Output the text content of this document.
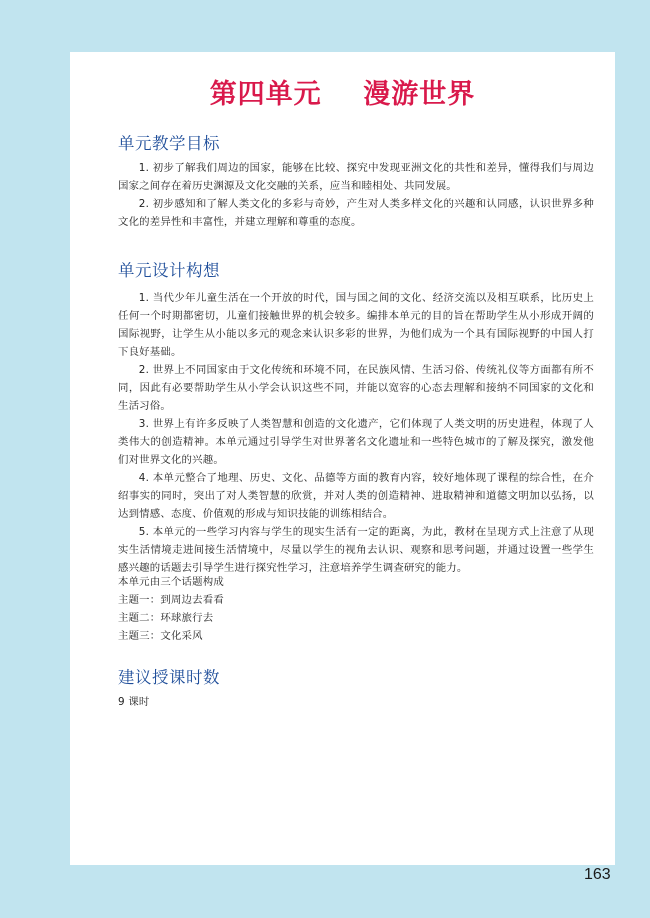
第四单元    漫游世界
单元教学目标
1. 初步了解我们周边的国家，能够在比较、探究中发现亚洲文化的共性和差异，懂得我们与周边国家之间存在着历史渊源及文化交融的关系，应当和睦相处、共同发展。
2. 初步感知和了解人类文化的多彩与奇妙，产生对人类多样文化的兴趣和认同感，认识世界多种文化的差异性和丰富性，并建立理解和尊重的态度。
单元设计构想
1. 当代少年儿童生活在一个开放的时代，国与国之间的文化、经济交流以及相互联系，比历史上任何一个时期都密切，儿童们接触世界的机会较多。编排本单元的目的旨在帮助学生从小形成开阔的国际视野，让学生从小能以多元的观念来认识多彩的世界，为他们成为一个具有国际视野的中国人打下良好基础。
2. 世界上不同国家由于文化传统和环境不同，在民族风情、生活习俗、传统礼仪等方面都有所不同，因此有必要帮助学生从小学会认识这些不同，并能以宽容的心态去理解和接纳不同国家的文化和生活习俗。
3. 世界上有许多反映了人类智慧和创造的文化遗产，它们体现了人类文明的历史进程，体现了人类伟大的创造精神。本单元通过引导学生对世界著名文化遗址和一些特色城市的了解及探究，激发他们对世界文化的兴趣。
4. 本单元整合了地理、历史、文化、品德等方面的教育内容，较好地体现了课程的综合性，在介绍事实的同时，突出了对人类智慧的欣赏，并对人类的创造精神、进取精神和道德文明加以弘扬，以达到情感、态度、价值观的形成与知识技能的训练相结合。
5. 本单元的一些学习内容与学生的现实生活有一定的距离，为此，教材在呈现方式上注意了从现实生活情境走进间接生活情境中，尽量以学生的视角去认识、观察和思考问题，并通过设置一些学生感兴趣的话题去引导学生进行探究性学习，注意培养学生调查研究的能力。
本单元由三个话题构成
主题一：到周边去看看
主题二：环球旅行去
主题三：文化采风
建议授课时数
9 课时
163
